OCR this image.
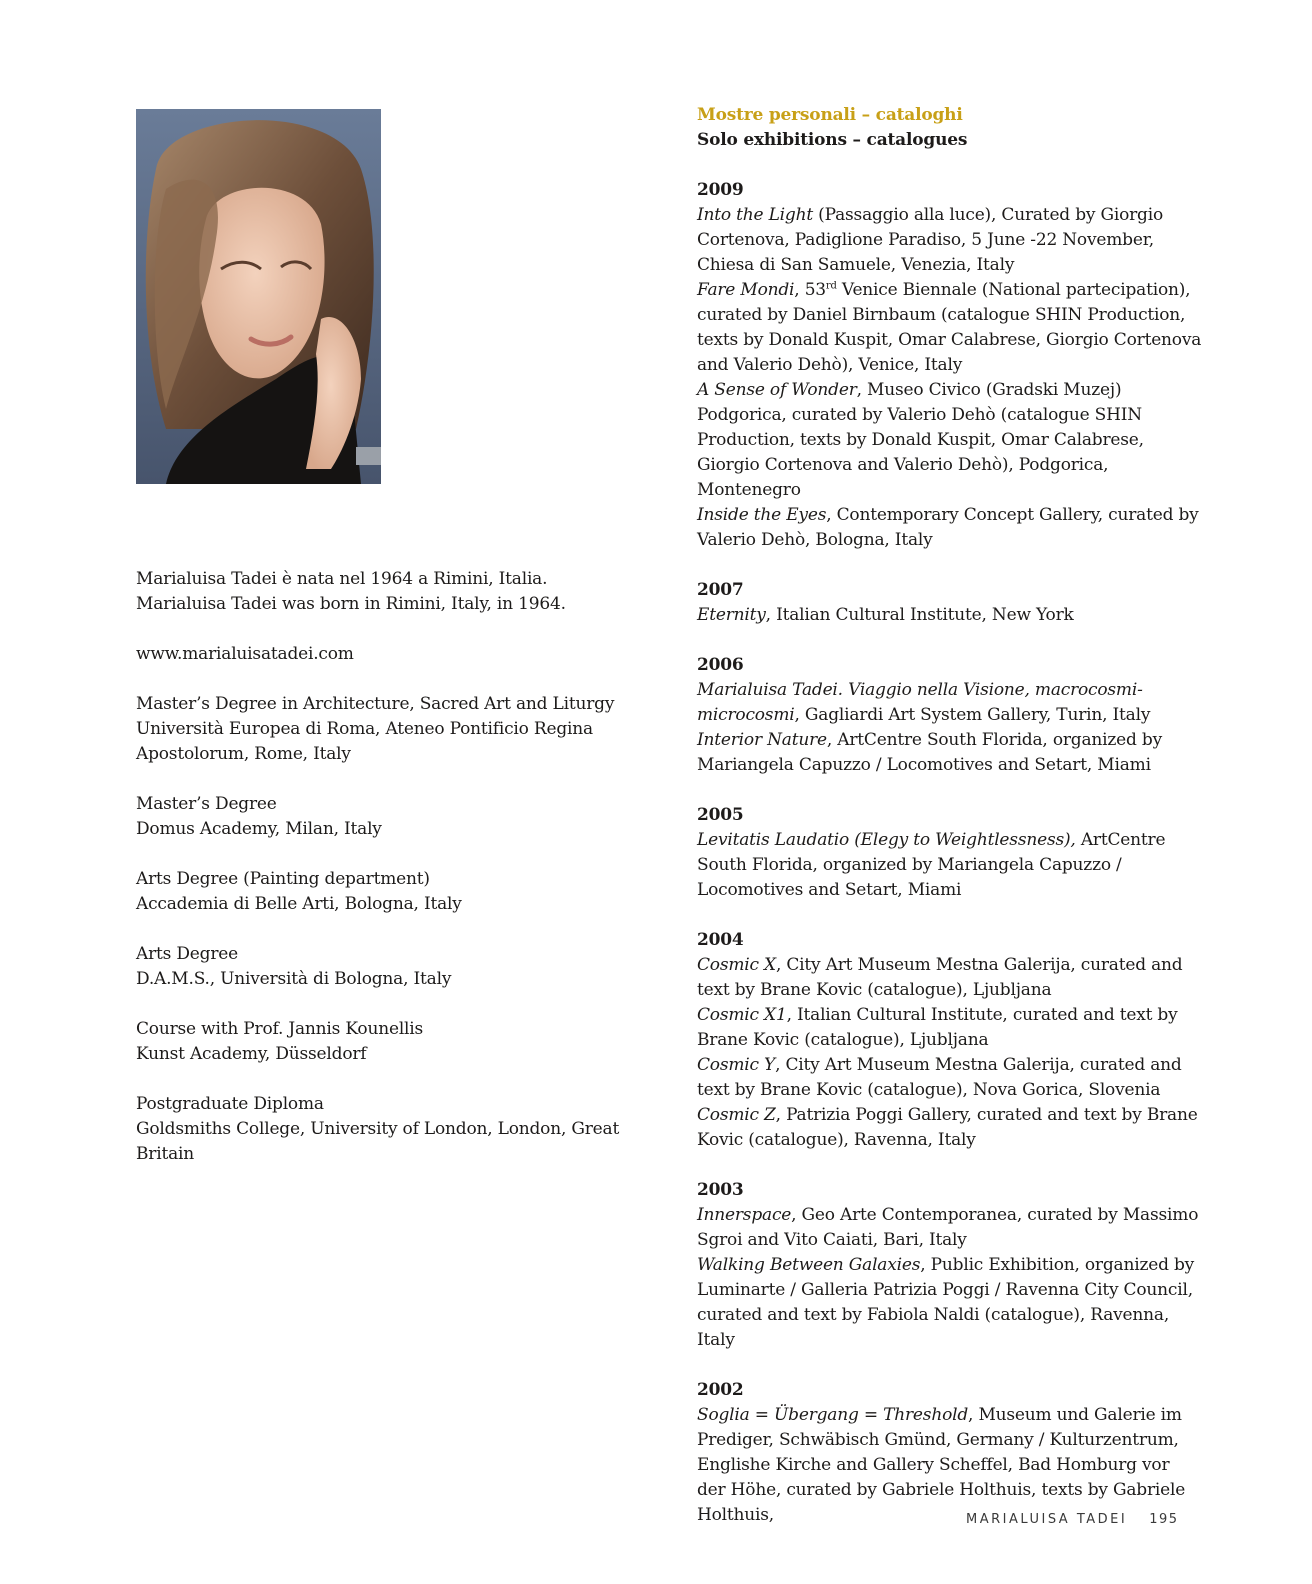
Marialuisa Tadei è nata nel 1964 a Rimini, Italia.
Marialuisa Tadei was born in Rimini, Italy, in 1964.
www.marialuisatadei.com
Master’s Degree in Architecture, Sacred Art and Liturgy
Università Europea di Roma, Ateneo Pontificio Regina Apostolorum, Rome, Italy
Master’s Degree
Domus Academy, Milan, Italy
Arts Degree (Painting department)
Accademia di Belle Arti, Bologna, Italy
Arts Degree
D.A.M.S., Università di Bologna, Italy
Course with Prof. Jannis Kounellis
Kunst Academy, Düsseldorf
Postgraduate Diploma
Goldsmiths College, University of London, London, Great Britain
Mostre personali – cataloghi
Solo exhibitions – catalogues
2009
Into the Light (Passaggio alla luce), Curated by Giorgio Cortenova, Padiglione Paradiso, 5 June -22 November, Chiesa di San Samuele, Venezia, Italy
Fare Mondi, 53rd Venice Biennale (National partecipation), curated by Daniel Birnbaum (catalogue SHIN Production, texts by Donald Kuspit, Omar Calabrese, Giorgio Cortenova and Valerio Dehò), Venice, Italy
A Sense of Wonder, Museo Civico (Gradski Muzej) Podgorica, curated by Valerio Dehò (catalogue SHIN Production, texts by Donald Kuspit, Omar Calabrese, Giorgio Cortenova and Valerio Dehò), Podgorica, Montenegro
Inside the Eyes, Contemporary Concept Gallery, curated by Valerio Dehò, Bologna, Italy
2007
Eternity, Italian Cultural Institute, New York
2006
Marialuisa Tadei. Viaggio nella Visione, macrocosmi-microcosmi, Gagliardi Art System Gallery, Turin, Italy
Interior Nature, ArtCentre South Florida, organized by Mariangela Capuzzo / Locomotives and Setart, Miami
2005
Levitatis Laudatio (Elegy to Weightlessness), ArtCentre South Florida, organized by Mariangela Capuzzo / Locomotives and Setart, Miami
2004
Cosmic X, City Art Museum Mestna Galerija, curated and text by Brane Kovic (catalogue), Ljubljana
Cosmic X1, Italian Cultural Institute, curated and text by Brane Kovic (catalogue), Ljubljana
Cosmic Y, City Art Museum Mestna Galerija, curated and text by Brane Kovic (catalogue), Nova Gorica, Slovenia
Cosmic Z, Patrizia Poggi Gallery, curated and text by Brane Kovic (catalogue), Ravenna, Italy
2003
Innerspace, Geo Arte Contemporanea, curated by Massimo Sgroi and Vito Caiati, Bari, Italy
Walking Between Galaxies, Public Exhibition, organized by Luminarte / Galleria Patrizia Poggi / Ravenna City Council, curated and text by Fabiola Naldi (catalogue), Ravenna, Italy
2002
Soglia = Übergang = Threshold, Museum und Galerie im Prediger, Schwäbisch Gmünd, Germany / Kulturzentrum, Englishe Kirche and Gallery Scheffel, Bad Homburg vor der Höhe, curated by Gabriele Holthuis, texts by Gabriele Holthuis,	MARIALUISA TADEI 195
